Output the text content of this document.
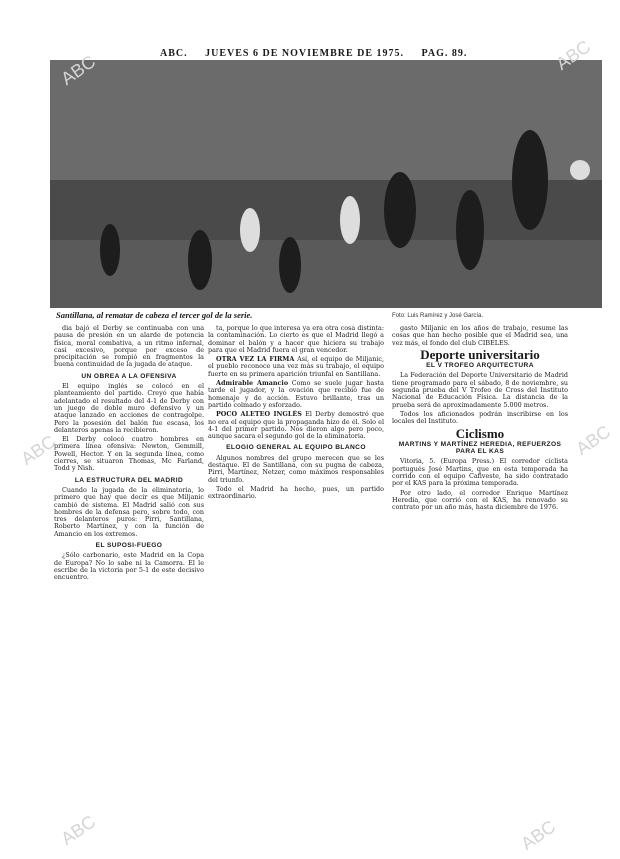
ABC. JUEVES 6 DE NOVIEMBRE DE 1975. PAG. 89.
Santillana, al rematar de cabeza el tercer gol de la serie.	Foto: Luis Ramírez y José García.

dia bajó el Derby se continuaba con una pausa de presión en un alarde de potencia física, moral combativa, a un ritmo infernal, casi excesivo, porque por exceso de precipitación se rompió en fragmentos la buena continuidad de la jugada de ataque.

UN OBREA A LA OFENSIVA

El equipo inglés se colocó en el planteamiento del partido. Creyó que había adelantado el resultado del 4-1 de Derby con un juego de doble muro defensivo y un ataque lanzado en acciones de contragolpe. Pero la posesión del balón fue escasa, los delanteros apenas la recibieron.

El Derby colocó cuatro hombres en primera línea ofensiva: Newton, Gemmill, Powell, Hector. Y en la segunda línea, como cierres, se situaron Thomas, Mc Farland, Todd y Nish.

LA ESTRUCTURA DEL MADRID

Cuando la jugada de la eliminatoria, lo primero que hay que decir es que Miljanic cambió de sistema. El Madrid salió con sus hombres de la defensa pero, sobre todo, con tres delanteros puros: Pirri, Santillana, Roberto Martínez, y con la función de Amancio en los extremos.

EL SUPOSI-FUEGO

¿Sólo carbonario, este Madrid en la Copa de Europa? No lo sabe ni la Camorra. El le escribe de la victoria por 5-1 de este decisivo encuentro.

ta, porque lo que interesa ya era otra cosa distinta: la contaminación. Lo cierto es que el Madrid llegó a dominar el balón y a hacer que hiciera su trabajo para que el Madrid fuera el gran vencedor.

OTRA VEZ LA FIRMA Así, el equipo de Miljanic, el pueblo reconoce una vez más su trabajo, el equipo fuerte en su primera aparición triunfal en Santillana.

Admirable Amancio Como se suele jugar hasta tarde el jugador, y la ovación que recibió fue de homenaje y de acción. Estuvo brillante, tras un partido colmado y esforzado.

POCO ALETEO INGLÉS El Derby demostró que no era el equipo que la propaganda hizo de él. Solo el 4-1 del primer partido. Nos dieron algo pero poco, aunque sacara el segundo gol de la eliminatoria.

ELOGIO GENERAL AL EQUIPO BLANCO

Algunos nombres del grupo merecen que se les destaque. El de Santillana, con su pugna de cabeza, Pirri, Martínez, Netzer, como máximos responsables del triunfo.

Todo el Madrid ha hecho, pues, un partido extraordinario.

gasto Miljanic en los años de trabajo, resume las cosas que han hecho posible que el Madrid sea, una vez más, el fondo del club CIBELES.

Deporte universitario
EL V TROFEO ARQUITECTURA

La Federación del Deporte Universitario de Madrid tiene programado para el sábado, 8 de noviembre, su segunda prueba del V Trofeo de Cross del Instituto Nacional de Educación Física. La distancia de la prueba será de aproximadamente 5.000 metros.

Todos los aficionados podrán inscribirse en los locales del Instituto.

Ciclismo
MARTINS Y MARTÍNEZ HEREDIA, REFUERZOS PARA EL KAS

Vitoria, 5. (Europa Press.) El corredor ciclista portugués José Martins, que en esta temporada ha corrido con el equipo Cafiveste, ha sido contratado por el KAS para la próxima temporada.

Por otro lado, el corredor Enrique Martínez Heredia, que corrió con el KAS, ha renovado su contrato por un año más, hasta diciembre de 1976.

ABC
ABC
ABC
ABC
ABC
ABC
